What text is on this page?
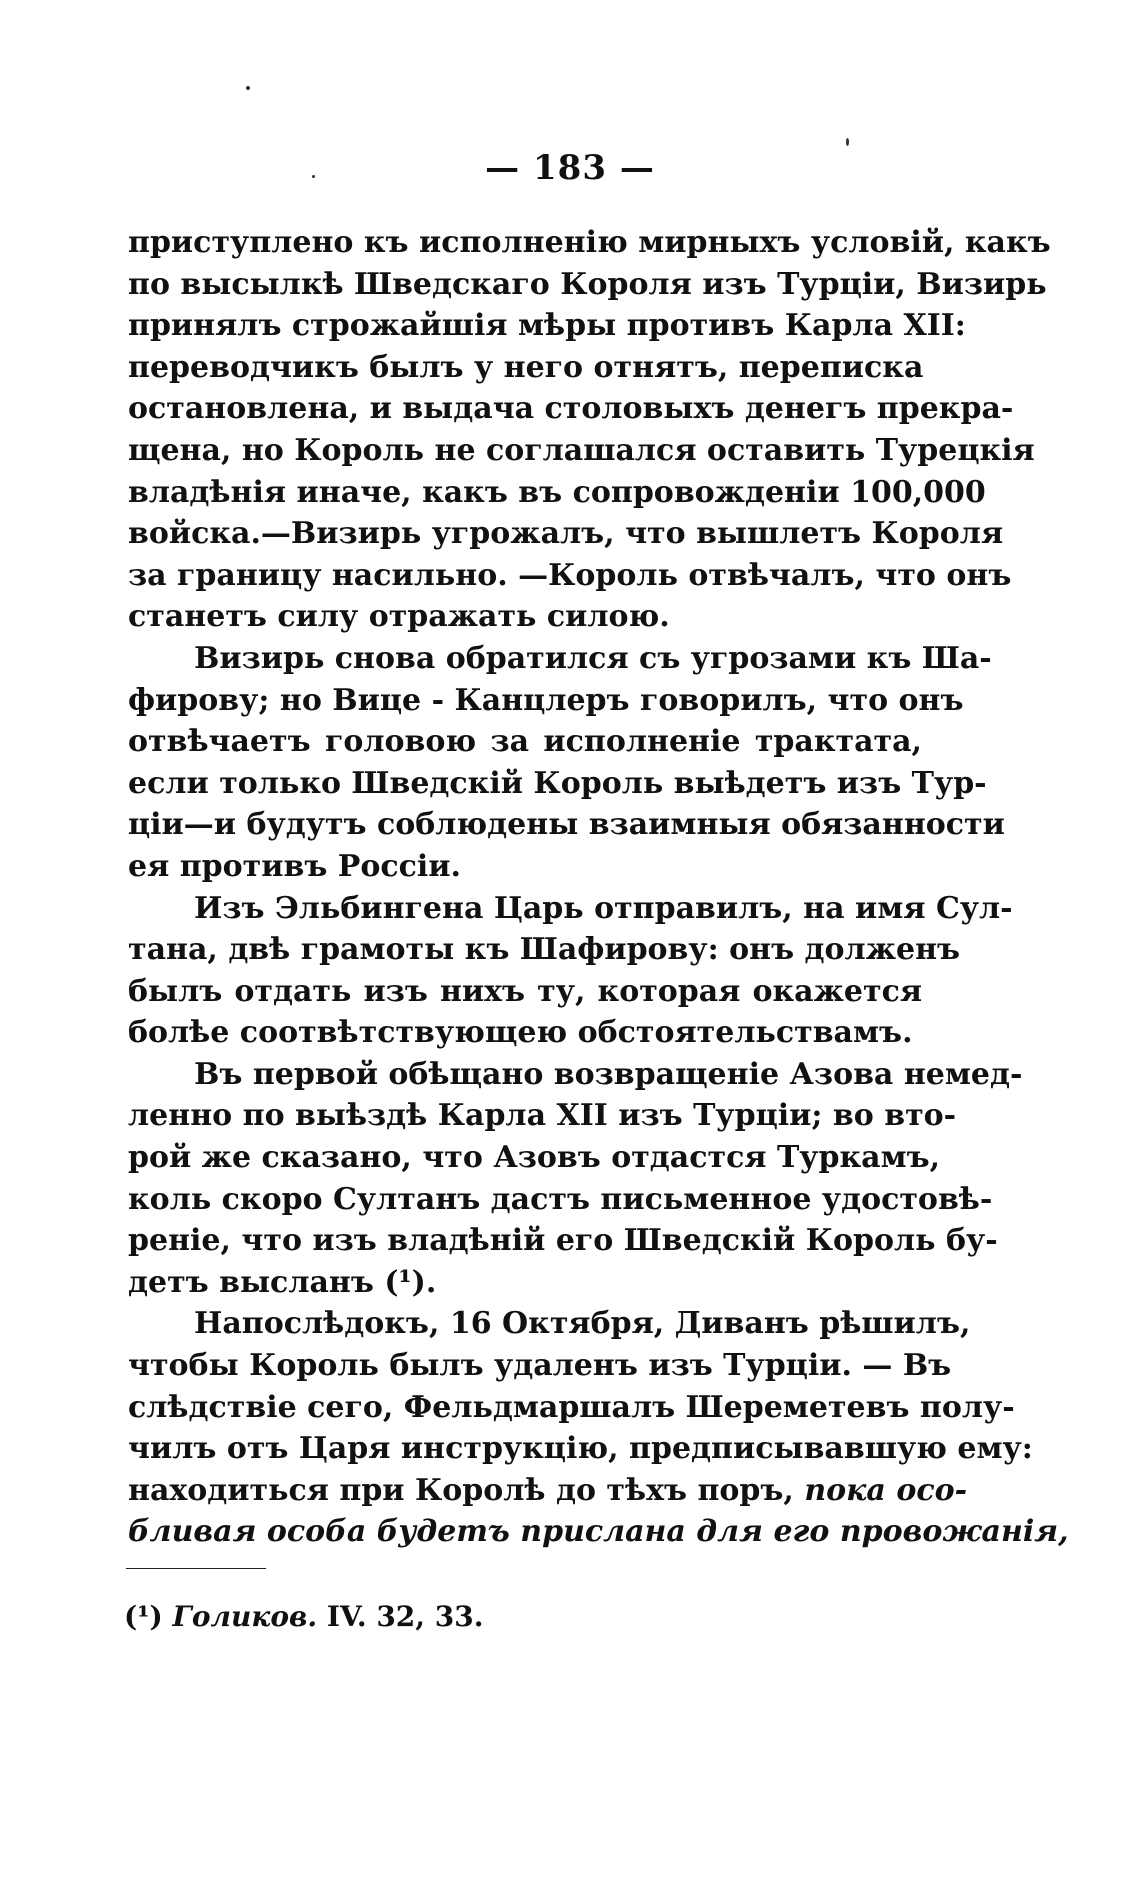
— 183 —
приступлено къ исполненію мирныхъ условій, какъ
по высылкѣ Шведскаго Короля изъ Турціи, Визирь
принялъ строжайшія мѣры противъ Карла XII:
переводчикъ былъ у него отнятъ, переписка
остановлена, и выдача столовыхъ денегъ прекра-
щена, но Король не соглашался оставить Турецкія
владѣнія иначе, какъ въ сопровожденіи 100,000
войска.—Визирь угрожалъ, что вышлетъ Короля
за границу насильно. —Король отвѣчалъ, что онъ
станетъ силу отражать силою.
Визирь снова обратился съ угрозами къ Ша-
фирову; но Вице - Канцлеръ говорилъ, что онъ
отвѣчаетъ головою за исполненіе трактата,
если только Шведскій Король выѣдетъ изъ Тур-
ціи—и будутъ соблюдены взаимныя обязанности
ея противъ Россіи.
Изъ Эльбингена Царь отправилъ, на имя Сул-
тана, двѣ грамоты къ Шафирову: онъ долженъ
былъ отдать изъ нихъ ту, которая окажется
болѣе соотвѣтствующею обстоятельствамъ.
Въ первой обѣщано возвращеніе Азова немед-
ленно по выѣздѣ Карла XII изъ Турціи; во вто-
рой же сказано, что Азовъ отдастся Туркамъ,
коль скоро Султанъ дастъ письменное удостовѣ-
реніе, что изъ владѣній его Шведскій Король бу-
детъ высланъ (¹).
Напослѣдокъ, 16 Октября, Диванъ рѣшилъ,
чтобы Король былъ удаленъ изъ Турціи. — Въ
слѣдствіе сего, Фельдмаршалъ Шереметевъ полу-
чилъ отъ Царя инструкцію, предписывавшую ему:
находиться при Королѣ до тѣхъ поръ, пока осо-
бливая особа будетъ прислана для его провожанія,
(¹) Голиков. IV. 32, 33.
